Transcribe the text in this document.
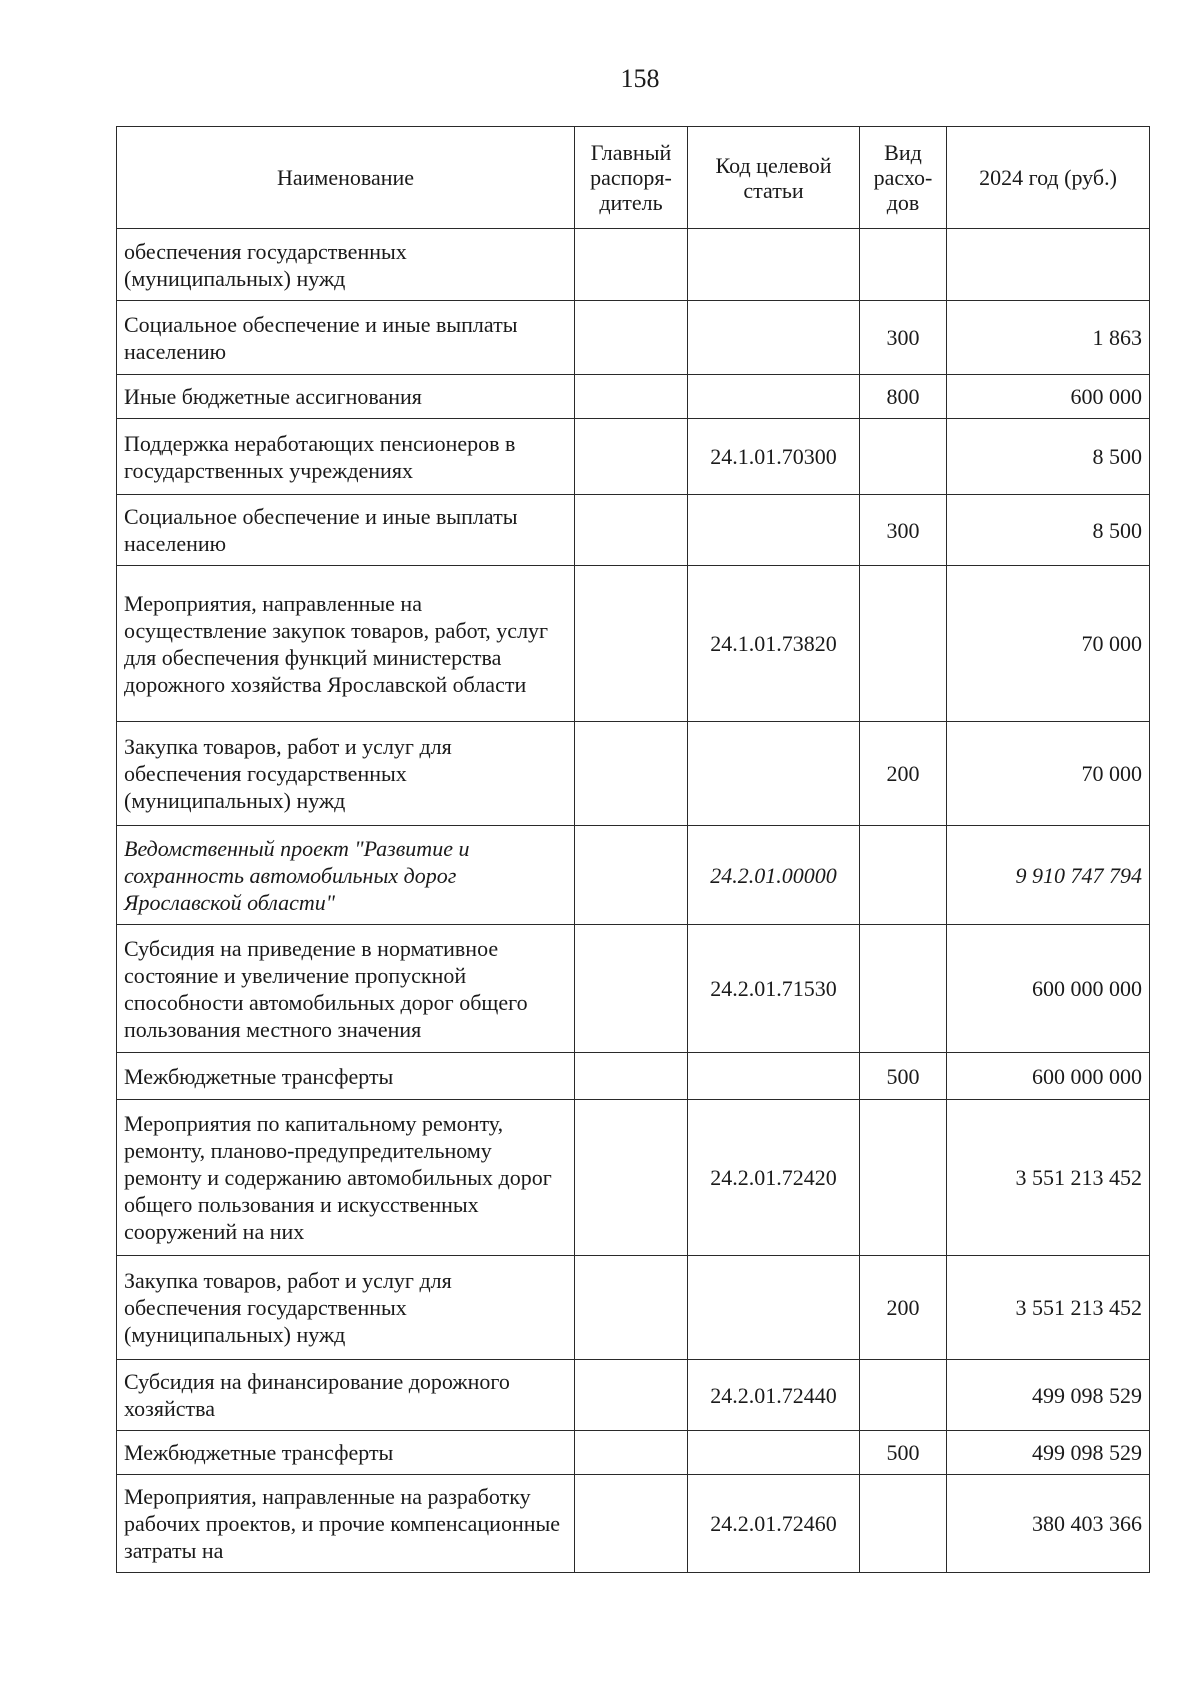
158
Наименование	Главный распоря-дитель	Код целевой статьи	Вид расхо-дов	2024 год (руб.)
обеспечения государственных (муниципальных) нужд				
Социальное обеспечение и иные выплаты населению			300	1 863
Иные бюджетные ассигнования			800	600 000
Поддержка неработающих пенсионеров в государственных учреждениях		24.1.01.70300		8 500
Социальное обеспечение и иные выплаты населению			300	8 500
Мероприятия, направленные на осуществление закупок товаров, работ, услуг для обеспечения функций министерства дорожного хозяйства Ярославской области		24.1.01.73820		70 000
Закупка товаров, работ и услуг для обеспечения государственных (муниципальных) нужд			200	70 000
Ведомственный проект "Развитие и сохранность автомобильных дорог Ярославской области"		24.2.01.00000		9 910 747 794
Субсидия на приведение в нормативное состояние и увеличение пропускной способности автомобильных дорог общего пользования местного значения		24.2.01.71530		600 000 000
Межбюджетные трансферты			500	600 000 000
Мероприятия по капитальному ремонту, ремонту, планово-предупредительному ремонту и содержанию автомобильных дорог общего пользования и искусственных сооружений на них		24.2.01.72420		3 551 213 452
Закупка товаров, работ и услуг для обеспечения государственных (муниципальных) нужд			200	3 551 213 452
Субсидия на финансирование дорожного хозяйства		24.2.01.72440		499 098 529
Межбюджетные трансферты			500	499 098 529
Мероприятия, направленные на разработку рабочих проектов, и прочие компенсационные затраты на		24.2.01.72460		380 403 366
